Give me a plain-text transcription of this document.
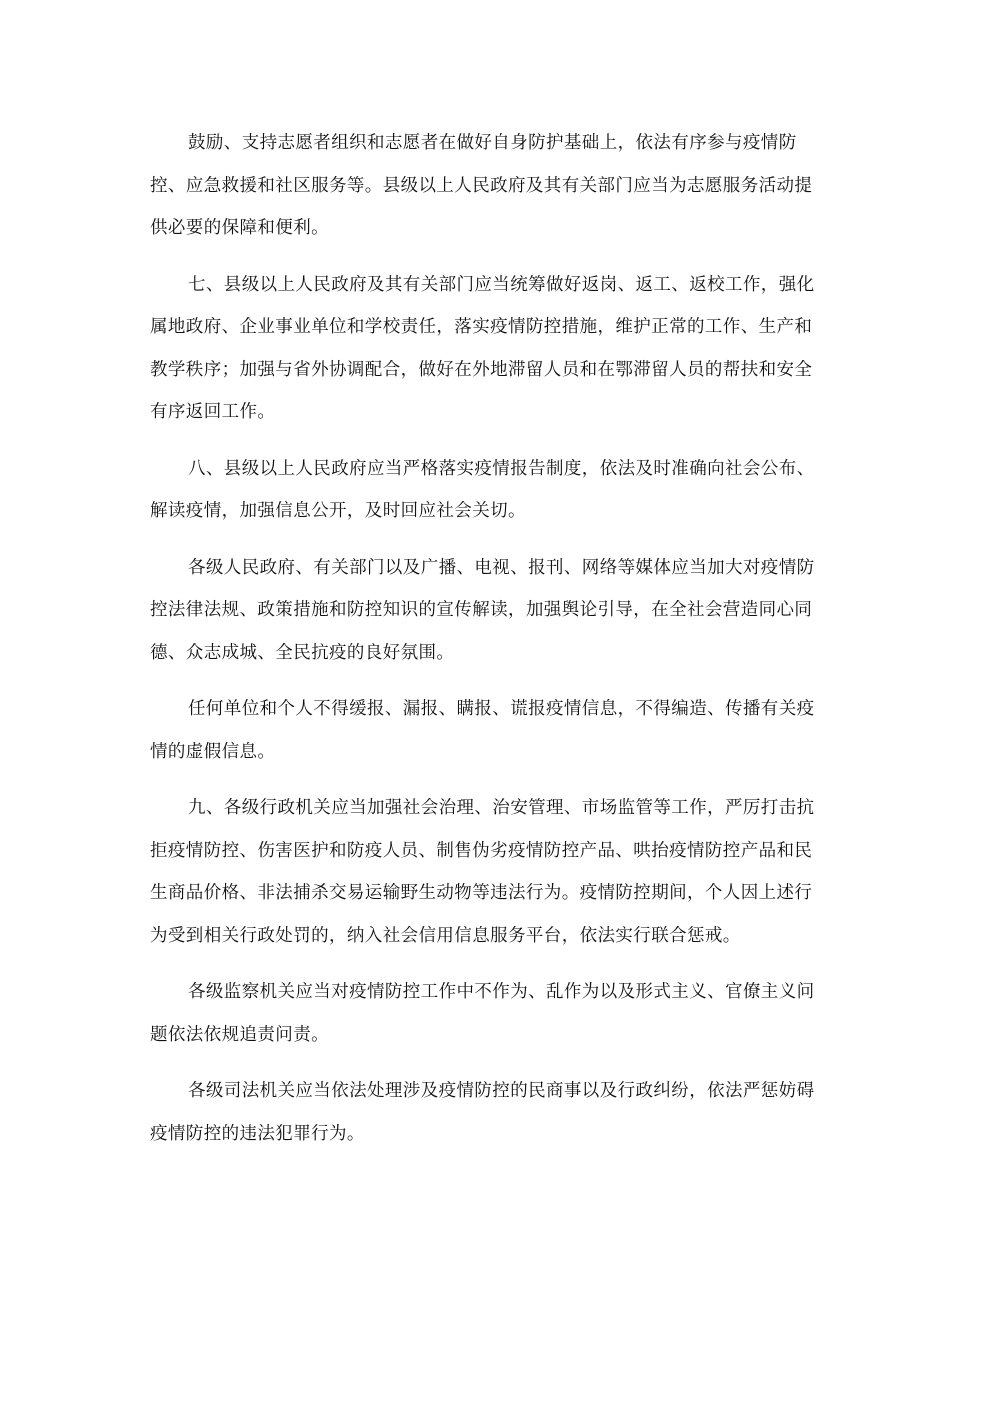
鼓励、支持志愿者组织和志愿者在做好自身防护基础上，依法有序参与疫情防
控、应急救援和社区服务等。县级以上人民政府及其有关部门应当为志愿服务活动提
供必要的保障和便利。

七、县级以上人民政府及其有关部门应当统筹做好返岗、返工、返校工作，强化
属地政府、企业事业单位和学校责任，落实疫情防控措施，维护正常的工作、生产和
教学秩序；加强与省外协调配合，做好在外地滞留人员和在鄂滞留人员的帮扶和安全
有序返回工作。

八、县级以上人民政府应当严格落实疫情报告制度，依法及时准确向社会公布、
解读疫情，加强信息公开，及时回应社会关切。

各级人民政府、有关部门以及广播、电视、报刊、网络等媒体应当加大对疫情防
控法律法规、政策措施和防控知识的宣传解读，加强舆论引导，在全社会营造同心同
德、众志成城、全民抗疫的良好氛围。

任何单位和个人不得缓报、漏报、瞒报、谎报疫情信息，不得编造、传播有关疫
情的虚假信息。

九、各级行政机关应当加强社会治理、治安管理、市场监管等工作，严厉打击抗
拒疫情防控、伤害医护和防疫人员、制售伪劣疫情防控产品、哄抬疫情防控产品和民
生商品价格、非法捕杀交易运输野生动物等违法行为。疫情防控期间，个人因上述行
为受到相关行政处罚的，纳入社会信用信息服务平台，依法实行联合惩戒。

各级监察机关应当对疫情防控工作中不作为、乱作为以及形式主义、官僚主义问
题依法依规追责问责。

各级司法机关应当依法处理涉及疫情防控的民商事以及行政纠纷，依法严惩妨碍
疫情防控的违法犯罪行为。
